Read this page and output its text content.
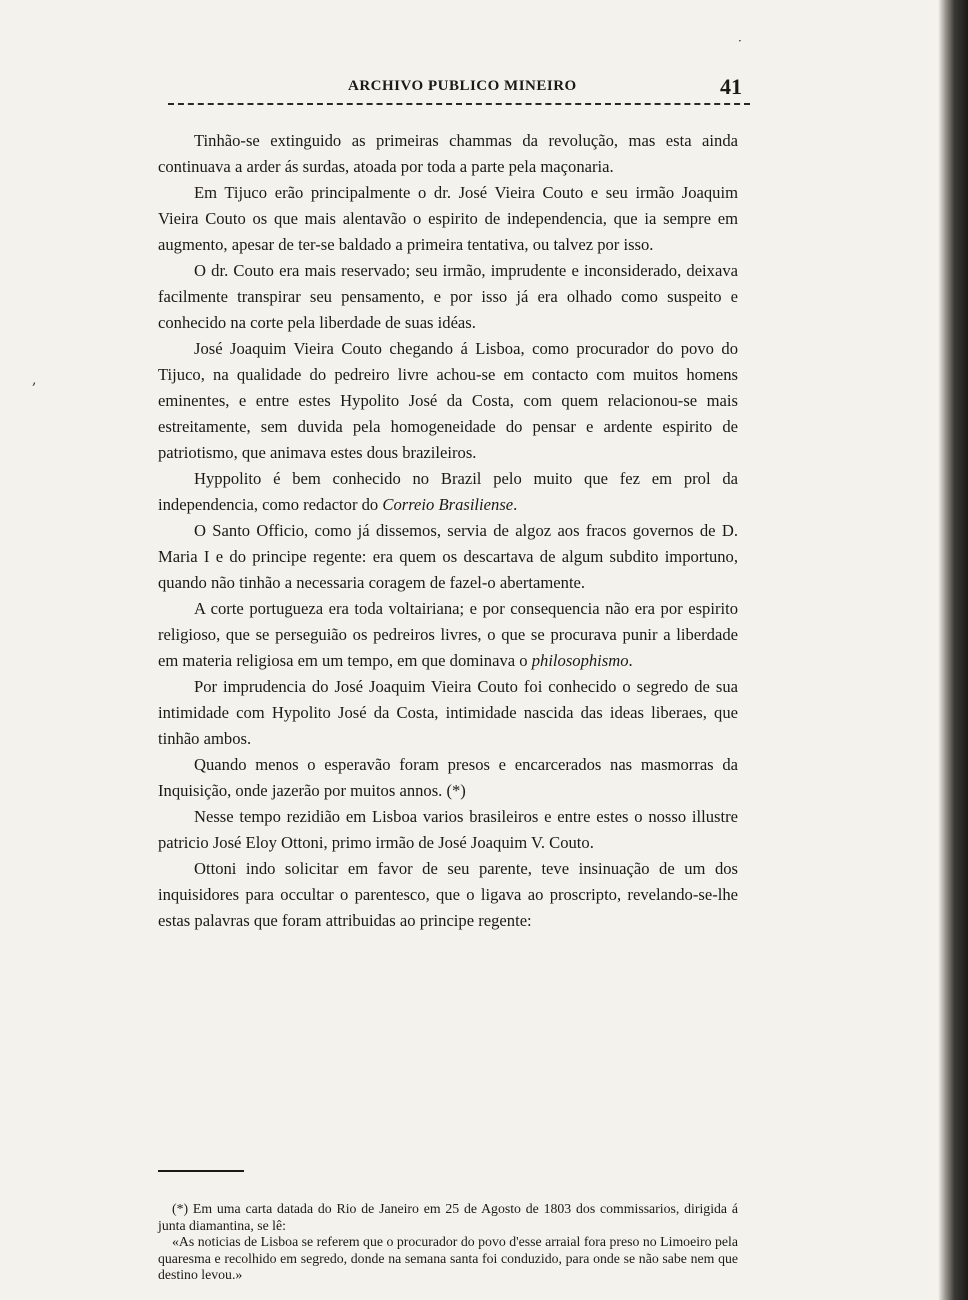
·
,
ARCHIVO PUBLICO MINEIRO	41

Tinhão-se extinguido as primeiras chammas da revolução, mas esta ainda continuava a arder ás surdas, atoada por toda a parte pela maçonaria.

Em Tijuco erão principalmente o dr. José Vieira Couto e seu irmão Joaquim Vieira Couto os que mais alentavão o espirito de independencia, que ia sempre em augmento, apesar de ter-se baldado a primeira tentativa, ou talvez por isso.

O dr. Couto era mais reservado; seu irmão, imprudente e inconsiderado, deixava facilmente transpirar seu pensamento, e por isso já era olhado como suspeito e conhecido na corte pela liberdade de suas idéas.

José Joaquim Vieira Couto chegando á Lisboa, como procurador do povo do Tijuco, na qualidade do pedreiro livre achou-se em contacto com muitos homens eminentes, e entre estes Hypolito José da Costa, com quem relacionou-se mais estreitamente, sem duvida pela homogeneidade do pensar e ardente espirito de patriotismo, que animava estes dous brazileiros.

Hyppolito é bem conhecido no Brazil pelo muito que fez em prol da independencia, como redactor do Correio Brasiliense.

O Santo Officio, como já dissemos, servia de algoz aos fracos governos de D. Maria I e do principe regente: era quem os descartava de algum subdito importuno, quando não tinhão a necessaria coragem de fazel-o abertamente.

A corte portugueza era toda voltairiana; e por consequencia não era por espirito religioso, que se perseguião os pedreiros livres, o que se procurava punir a liberdade em materia religiosa em um tempo, em que dominava o philosophismo.

Por imprudencia do José Joaquim Vieira Couto foi conhecido o segredo de sua intimidade com Hypolito José da Costa, intimidade nascida das ideas liberaes, que tinhão ambos.

Quando menos o esperavão foram presos e encarcerados nas masmorras da Inquisição, onde jazerão por muitos annos. (*)

Nesse tempo rezidião em Lisboa varios brasileiros e entre estes o nosso illustre patricio José Eloy Ottoni, primo irmão de José Joaquim V. Couto.

Ottoni indo solicitar em favor de seu parente, teve insinuação de um dos inquisidores para occultar o parentesco, que o ligava ao proscripto, revelando-se-lhe estas palavras que foram attribuidas ao principe regente:

(*) Em uma carta datada do Rio de Janeiro em 25 de Agosto de 1803 dos commissarios, dirigida á junta diamantina, se lê:

«As noticias de Lisboa se referem que o procurador do povo d'esse arraial fora preso no Limoeiro pela quaresma e recolhido em segredo, donde na semana santa foi conduzido, para onde se não sabe nem que destino levou.»
